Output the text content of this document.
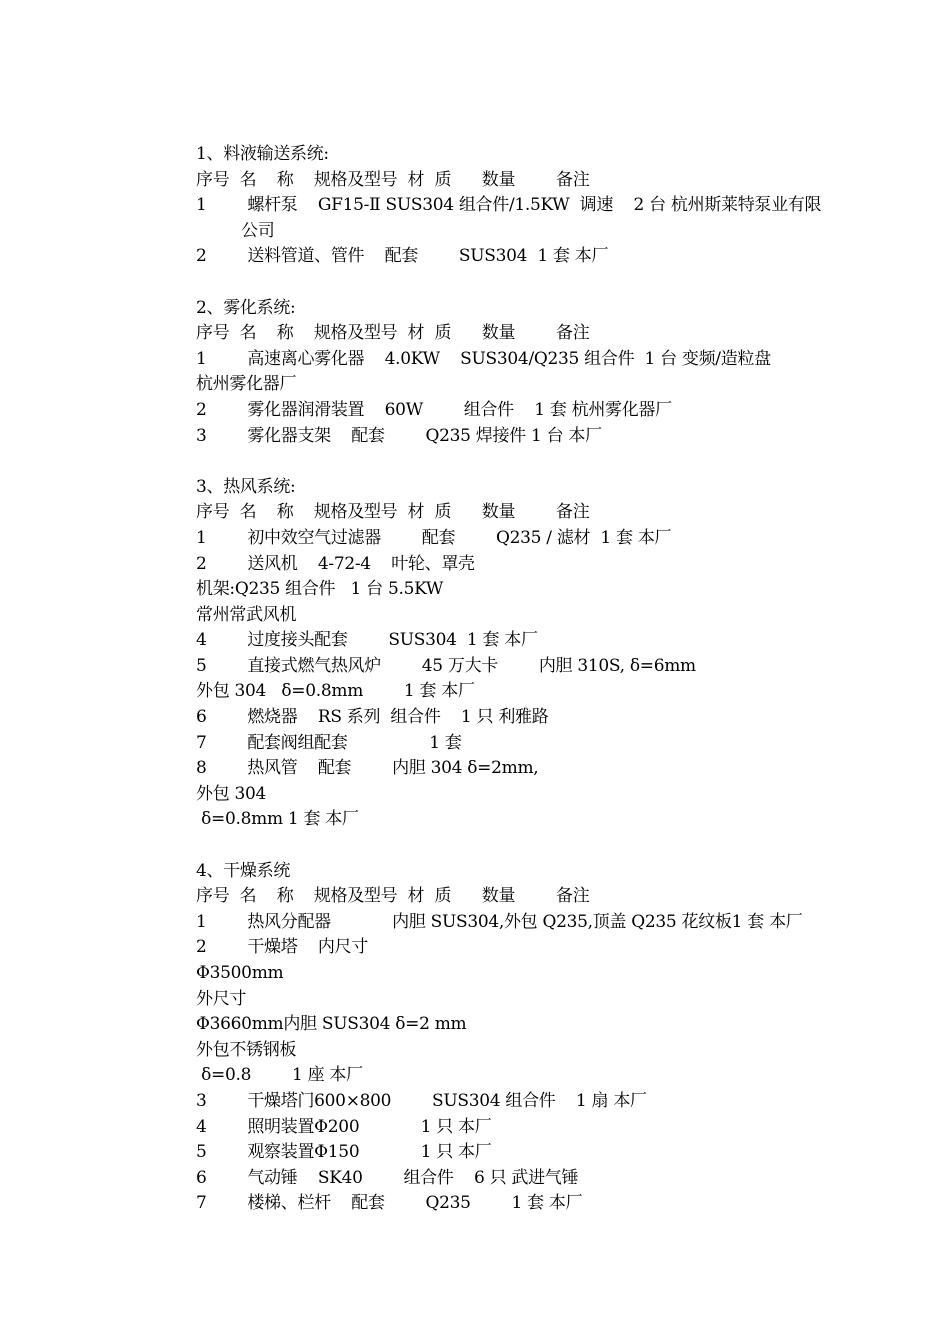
1、料液输送系统:
序号  名    称    规格及型号  材  质      数量        备注
1        螺杆泵    GF15-Ⅱ SUS304 组合件/1.5KW  调速    2 台 杭州斯莱特泵业有限
公司
2        送料管道、管件    配套        SUS304  1 套 本厂
2、雾化系统:
序号  名    称    规格及型号  材  质      数量        备注
1        高速离心雾化器    4.0KW    SUS304/Q235 组合件  1 台 变频/造粒盘
杭州雾化器厂
2        雾化器润滑装置    60W        组合件    1 套 杭州雾化器厂
3        雾化器支架    配套        Q235 焊接件 1 台 本厂
3、热风系统:
序号  名    称    规格及型号  材  质      数量        备注
1        初中效空气过滤器        配套        Q235 / 滤材  1 套 本厂
2        送风机    4-72-4    叶轮、罩壳
机架:Q235 组合件   1 台 5.5KW
常州常武风机
4        过度接头配套        SUS304  1 套 本厂
5        直接式燃气热风炉        45 万大卡        内胆 310S, δ=6mm
外包 304   δ=0.8mm        1 套 本厂
6        燃烧器    RS 系列  组合件    1 只 利雅路
7        配套阀组配套                1 套
8        热风管    配套        内胆 304 δ=2mm,
外包 304
δ=0.8mm 1 套 本厂
4、干燥系统
序号  名    称    规格及型号  材  质      数量        备注
1        热风分配器            内胆 SUS304,外包 Q235,顶盖 Q235 花纹板1 套 本厂
2        干燥塔    内尺寸
Φ3500mm
外尺寸
Φ3660mm内胆 SUS304 δ=2 mm
外包不锈钢板
δ=0.8        1 座 本厂
3        干燥塔门600×800        SUS304 组合件    1 扇 本厂
4        照明装置Φ200            1 只 本厂
5        观察装置Φ150            1 只 本厂
6        气动锤    SK40        组合件    6 只 武进气锤
7        楼梯、栏杆    配套        Q235        1 套 本厂
